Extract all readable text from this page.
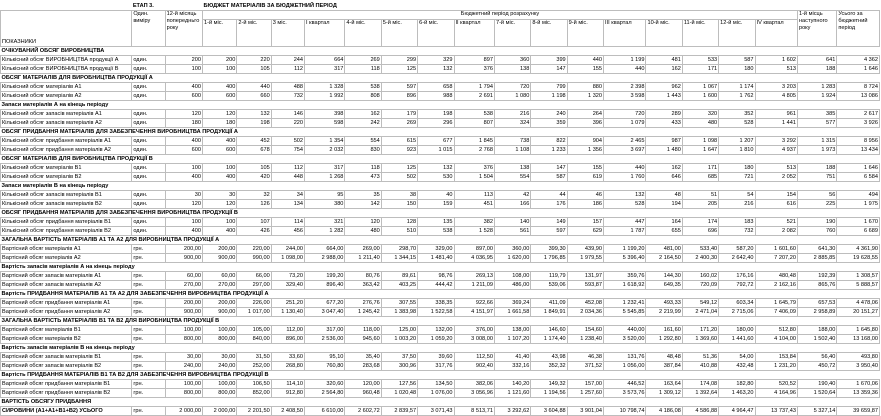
	ЕТАП 3.		БЮДЖЕТ МАТЕРІАЛІВ ЗА БЮДЖЕТНИЙ ПЕРІОД																	
ПОКАЗНИКИ	Один. виміру	12-й місяць попередньго року	Бюджетний період розрахунку																1-й місць наступного року	Усього за бюджетний період
			1-й міс.	2-й міс.	3 міс.	І квартал	4-й міс.	5-й міс.	6-й міс.	ІІ квартал	7-й міс.	8-й міс.	9-й міс.	ІІІ квартал	10-й міс.	11-й міс.	12-й міс.	ІV квартал		
ОЧІКУВАНИЙ ОБСЯГ ВИРОБНИЦТВА																				
Кількісний обсяг ВИРОБНИЦТВА продукції А	один.	200	200	220	244	664	269	299	329	897	360	399	440	1 199	481	533	587	1 602	641	4 362
Кількісний обсяг ВИРОБНИЦТВА продукції В	один.	100	100	105	112	317	118	125	132	376	138	147	155	440	162	171	180	513	188	1 646
ОБСЯГ МАТЕРІАЛІВ ДЛЯ ВИРОБНИЦТВА ПРОДУКЦІЇ А																				
Кількісний обсяг матеріалів А1	один.	400	400	440	488	1 328	538	597	658	1 794	720	799	880	2 398	962	1 067	1 174	3 203	1 283	8 724
Кількісний обсяг матеріалів А2	один.	600	600	660	732	1 992	808	896	988	2 691	1 080	1 198	1 320	3 598	1 443	1 600	1 762	4 805	1 924	13 086
Запаси матеріалів А на кінець періоду																				
Кількісний обсяг запасів матеріалів А1	один.	120	120	132	146	398	162	179	198	538	216	240	264	720	289	320	352	961	385	2 617
Кількісний обсяг запасів матеріалів А2	один.	180	180	198	220	598	242	269	296	807	324	359	396	1 079	433	480	528	1 441	577	3 926
ОБСЯГ ПРИДБАННЯ МАТЕРІАЛІВ ДЛЯ ЗАБЕЗПЕЧЕННЯ ВИРОБНИЦТВА ПРОДУКЦІЇ А																				
Кількісний обсяг придбання матеріалів А1	один.	400	400	452	502	1 354	554	615	677	1 845	738	822	904	2 465	987	1 098	1 207	3 292	1 315	8 956
Кількісний обсяг придбання матеріалів А2	один.	600	600	678	754	2 032	830	923	1 015	2 768	1 108	1 233	1 356	3 697	1 480	1 647	1 810	4 937	1 973	13 434
ОБСЯГ МАТЕРІАЛІВ ДЛЯ ВИРОБНИЦТВА ПРОДУКЦІЇ В																				
Кількісний обсяг матеріалів В1	один.	100	100	105	112	317	118	125	132	376	138	147	155	440	162	171	180	513	188	1 646
Кількісний обсяг матеріалів В2	один.	400	400	420	448	1 268	473	502	530	1 504	554	587	619	1 760	646	685	721	2 052	751	6 584
Запаси матеріалів В на кінець періоду																				
Кількісний обсяг запасів матеріалів В1	один.	30	30	32	34	95	35	38	40	113	42	44	46	132	48	51	54	154	56	494
Кількісний обсяг запасів матеріалів В2	один.	120	120	126	134	380	142	150	159	451	166	176	186	528	194	205	216	616	225	1 975
ОБСЯГ ПРИДБАННЯ МАТЕРІАЛІВ ДЛЯ ЗАБЕЗПЕЧЕННЯ ВИРОБНИЦТВА ПРОДУКЦІЇ В																				
Кількісний обсяг придбання матеріалів В1	один.	100	100	107	114	321	120	128	135	382	140	149	157	447	164	174	183	521	190	1 670
Кількісний обсяг придбання матеріалів В2	один.	400	400	426	456	1 282	480	510	538	1 528	561	597	629	1 787	655	696	732	2 082	760	6 689
ЗАГАЛЬНА ВАРТІСТЬ МАТЕРІАЛІВ А1 ТА А2 ДЛЯ ВИРОБНИЦТВА ПРОДУКЦІЇ А																				
Вартісний обсяг матеріалів А1	грн.	200,00	200,00	220,00	244,00	664,00	269,00	298,70	329,00	897,00	360,00	399,30	439,90	1 199,20	481,00	533,40	587,20	1 601,60	641,30	4 361,90
Вартісний обсяг матеріалів А2	грн.	900,00	900,00	990,00	1 098,00	2 988,00	1 211,40	1 344,15	1 481,40	4 036,95	1 620,00	1 796,85	1 979,55	5 396,40	2 164,50	2 400,30	2 642,40	7 207,20	2 885,85	19 628,55
Вартість запасів матеріалів А на кінець періоду																				
Вартісний обсяг запасів матеріалів А1	грн.	60,00	60,00	66,00	73,20	199,20	80,76	89,61	98,76	269,13	108,00	119,79	131,97	359,76	144,30	160,02	176,16	480,48	192,39	1 308,57
Вартісний обсяг запасів матеріалів А2	грн.	270,00	270,00	297,00	329,40	896,40	363,42	403,25	444,42	1 211,09	486,00	539,06	593,87	1 618,92	649,35	720,09	792,72	2 162,16	865,76	5 888,57
Вартість ПРИДБАННЯ МАТЕРІАЛІВ А1 ТА А2 ДЛЯ ЗАБЕЗПЕЧЕННЯ ВИРОБНИЦТВА ПРОДУКЦІЇ А																				
Вартісний обсяг придбання матеріалів А1	грн.	200,00	200,00	226,00	251,20	677,20	276,76	307,55	338,35	922,66	369,24	411,09	452,08	1 232,41	493,33	549,12	603,34	1 645,79	657,53	4 478,06
Вартісний обсяг придбання матеріалів А2	грн.	900,00	900,00	1 017,00	1 130,40	3 047,40	1 245,42	1 383,98	1 522,58	4 151,97	1 661,58	1 849,91	2 034,36	5 545,85	2 219,99	2 471,04	2 715,06	7 406,09	2 958,89	20 151,27
ЗАГАЛЬНА ВАРТІСТЬ МАТЕРІАЛІВ В1 ТА В2 ДЛЯ ВИРОБНИЦТВА ПРОДУКЦІЇ В																				
Вартісний обсяг матеріалів В1	грн.	100,00	100,00	105,00	112,00	317,00	118,00	125,00	132,00	376,00	138,00	146,60	154,60	440,00	161,60	171,20	180,00	512,80	188,00	1 645,80
Вартісний обсяг матеріалів В2	грн.	800,00	800,00	840,00	896,00	2 536,00	945,60	1 003,20	1 059,20	3 008,00	1 107,20	1 174,40	1 238,40	3 520,00	1 292,80	1 369,60	1 441,60	4 104,00	1 502,40	13 168,00
Вартість запасів матеріалів В на кінець періоду																				
Вартісний обсяг запасів матеріалів В1	грн.	30,00	30,00	31,50	33,60	95,10	35,40	37,50	39,60	112,50	41,40	43,98	46,38	131,76	48,48	51,36	54,00	153,84	56,40	493,80
Вартісний обсяг запасів матеріалів В2	грн.	240,00	240,00	252,00	268,80	760,80	283,68	300,96	317,76	902,40	332,16	352,32	371,52	1 056,00	387,84	410,88	432,48	1 231,20	450,72	3 950,40
Вартість ПРИДБАННЯ МАТЕРІАЛІВ В1 ТА В2 ДЛЯ ЗАБЕЗПЕЧЕННЯ ВИРОБНИЦТВА ПРОДУКЦІЇ В																				
Вартісний обсяг придбання матеріалів В1	грн.	100,00	100,00	106,50	114,10	320,60	120,00	127,56	134,50	382,06	140,20	149,32	157,00	446,52	163,64	174,08	182,80	520,52	190,40	1 670,06
Вартісний обсяг придбання матеріалів В2	грн.	800,00	800,00	852,00	912,80	2 564,80	960,48	1 020,48	1 076,00	3 056,96	1 121,60	1 194,56	1 257,60	3 573,76	1 309,12	1 392,64	1 463,20	4 164,96	1 520,64	13 359,36
ВАРТІСТЬ ОБСЯГУ ПРИДБАННЯ																				
СИРОВИНИ (А1+А1+В1+В2) УСЬОГО	грн.	2 000,00	2 000,00	2 201,50	2 408,50	6 610,00	2 602,72	2 839,57	3 071,43	8 513,71	3 292,62	3 604,88	3 901,04	10 798,74	4 186,08	4 586,88	4 964,47	13 737,43	5 327,14	39 659,87
